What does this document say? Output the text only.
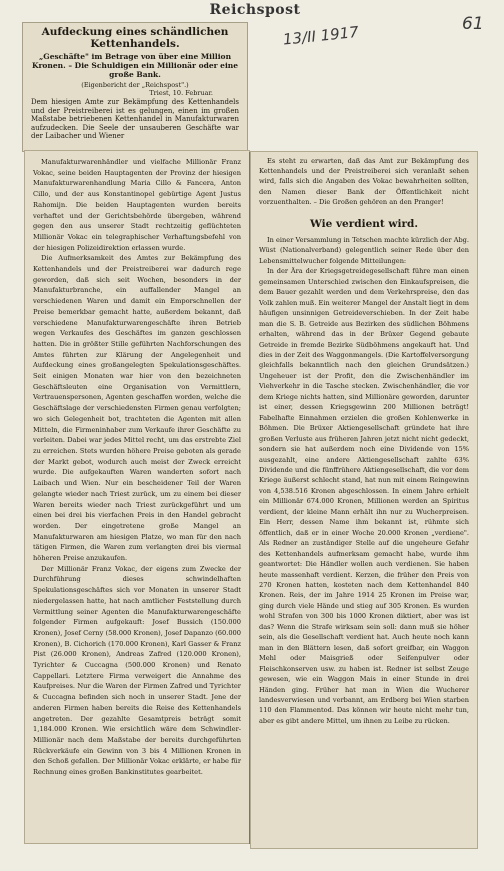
Reichspost
13/II 1917	61
Aufdeckung eines schändlichen Kettenhandels.
„Geschäfte" im Betrage von über eine Million Kronen. – Die Schuldigen ein Millionär oder eine große Bank.
(Eigenbericht der „Reichspost".)
Triest, 10. Februar.
Dem hiesigen Amte zur Bekämpfung des Kettenhandels und der Preistreiberei ist es gelungen, einen im großen Maßstabe betriebenen Kettenhandel in Manufakturwaren aufzudecken. Die Seele der unsauberen Geschäfte war der Laibacher und Wiener

Manufakturwarenhändler und vielfache Millionär Franz Vokac, seine beiden Hauptagenten der Provinz der hiesigen Manufakturwarenhandlung Maria Cillo & Fancera, Anton Cillo, und der aus Konstantinopel gebürtige Agent Justus Rahomijn. Die beiden Hauptagenten wurden bereits verhaftet und der Gerichtsbehörde übergeben, während gegen den aus unserer Stadt rechtzeitig geflüchteten Millionär Vokac ein telegraphischer Verhaftungsbefehl von der hiesigen Polizeidirektion erlassen wurde.

Die Aufmerksamkeit des Amtes zur Bekämpfung des Kettenhandels und der Preistreiberei war dadurch rege geworden, daß sich seit Wochen, besonders in der Manufakturbranche, ein auffallender Mangel an verschiedenen Waren und damit ein Emporschnellen der Preise bemerkbar gemacht hatte, außerdem bekannt, daß verschiedene Manufakturwarengeschäfte ihren Betrieb wegen Verkaufes des Geschäftes im ganzen geschlossen hatten. Die in größter Stille geführten Nachforschungen des Amtes führten zur Klärung der Angelegenheit und Aufdeckung eines großangelegten Spekulationsgeschäftes. Seit einigen Monaten war hier von den bezeichneten Geschäftsleuten eine Organisation von Vermittlern, Vertrauenspersonen, Agenten geschaffen worden, welche die Geschäftslage der verschiedensten Firmen genau verfolgten; wo sich Gelegenheit bot, trachteten die Agenten mit allen Mitteln, die Firmeninhaber zum Verkaufe ihrer Geschäfte zu verleiten. Dabei war jedes Mittel recht, um das erstrebte Ziel zu erreichen. Stets wurden höhere Preise geboten als gerade der Markt gebot, wodurch auch meist der Zweck erreicht wurde. Die aufgekauften Waren wanderten sofort nach Laibach und Wien. Nur ein bescheidener Teil der Waren gelangte wieder nach Triest zurück, um zu einem bei dieser Waren bereits wieder nach Triest zurückgeführt und um einen bei drei bis vierfachen Preis in den Handel gebracht worden. Der eingetretene große Mangel an Manufakturwaren am hiesigen Platze, wo man für den nach tätigen Firmen, die Waren zum verlangten drei bis viermal höheren Preise anzukaufen.

Der Millionär Franz Vokac, der eigens zum Zwecke der Durchführung dieses schwindelhaften Spekulationsgeschäftes sich vor Monaten in unserer Stadt niedergelassen hatte, hat nach amtlicher Feststellung durch Vermittlung seiner Agenten die Manufakturwarengeschäfte folgender Firmen aufgekauft: Josef Bussich (150.000 Kronen), Josef Cerny (58.000 Kronen), Josef Dapanzo (60.000 Kronen), B. Cichorich (170.000 Kronen), Karl Gasser & Franz Pist (26.000 Kronen), Andreas Zafred (120.000 Kronen), Tyrichter & Cuccagna (500.000 Kronen) und Renato Cappellari. Letztere Firma verweigert die Annahme des Kaufpreises. Nur die Waren der Firmen Zafred und Tyrichter & Cuccagna befinden sich noch in unserer Stadt. Jene der anderen Firmen haben bereits die Reise des Kettenhandels angetreten. Der gezahlte Gesamtpreis beträgt somit 1,184.000 Kronen. Wie ersichtlich wäre dem Schwindler-Millionär nach dem Maßstabe der bereits durchgeführten Rückverkäufe ein Gewinn von 3 bis 4 Millionen Kronen in den Schoß gefallen. Der Millionär Vokac erklärte, er habe für Rechnung eines großen Bankinstitutes gearbeitet.

Es steht zu erwarten, daß das Amt zur Bekämpfung des Kettenhandels und der Preistreiberei sich veranlaßt sehen wird, falls sich die Angaben des Vokac bewahrheiten sollten, den Namen dieser Bank der Öffentlichkeit nicht vorzuenthalten. – Die Großen gehören an den Pranger!

Wie verdient wird.

In einer Versammlung in Tetschen machte kürzlich der Abg. Wüst (Nationalverband) gelegentlich seiner Rede über den Lebensmittelwucher folgende Mitteilungen:

In der Ära der Kriegsgetreidegesellschaft führe man einen gemeinsamen Unterschied zwischen den Einkaufspreisen, die dem Bauer gezahlt werden und dem Verkehrspreise, den das Volk zahlen muß. Ein weiterer Mangel der Anstalt liegt in dem häufigen unsinnigen Getreideverschieben. In der Zeit habe man die S. B. Getreide aus Bezirken des südlichen Böhmens erhalten, während das in der Brüxer Gegend gebaute Getreide in fremde Bezirke Südböhmens angekauft hat. Und dies in der Zeit des Waggonmangels. (Die Kartoffelversorgung gleichfalls bekanntlich nach den gleichen Grundsätzen.) Ungeheuer ist der Profit, den die Zwischenhändler im Viehverkehr in die Tasche stecken. Zwischenhändler, die vor dem Kriege nichts hatten, sind Millionäre geworden, darunter ist einer, dessen Kriegsgewinn 200 Millionen beträgt! Fabelhafte Einnahmen erzielen die großen Kohlenwerke in Böhmen. Die Brüxer Aktiengesellschaft gründete hat ihre großen Verluste aus früheren Jahren jetzt nicht nicht gedeckt, sondern sie hat außerdem noch eine Dividende von 15% ausgezahlt, eine andere Aktiengesellschaft zahlte 63% Dividende und die fünffrühere Aktiengesellschaft, die vor dem Kriege äußerst schlecht stand, hat nun mit einem Reingewinn von 4,538.516 Kronen abgeschlossen. In einem Jahre erhielt ein Millionär 674.000 Kronen, Millionen werden an Spiritus verdient, der kleine Mann erhält ihn nur zu Wucherpreisen. Ein Herr, dessen Name ihm bekannt ist, rühmte sich öffentlich, daß er in einer Woche 20.000 Kronen „verdiene". Als Redner an zuständiger Stelle auf die ungeheure Gefahr des Kettenhandels aufmerksam gemacht habe, wurde ihm geantwortet: Die Händler wollen auch verdienen. Sie haben heute massenhaft verdient. Kerzen, die früher den Preis von 270 Kronen hatten, kosteten nach dem Kettenhandel 840 Kronen. Reis, der im Jahre 1914 25 Kronen im Preise war, ging durch viele Hände und stieg auf 305 Kronen. Es wurden wohl Strafen von 300 bis 1000 Kronen diktiert, aber was ist das? Wenn die Strafe wirksam sein soll: dann muß sie höher sein, als die Gesellschaft verdient hat. Auch heute noch kann man in den Blättern lesen, daß sofort greifbar, ein Waggon Mehl oder Maisgrieß oder Seifenpulver oder Fleischkonserven usw. zu haben ist. Redner ist selbst Zeuge gewesen, wie ein Waggon Mais in einer Stunde in drei Händen ging. Früher hat man in Wien die Wucherer landesverwiesen und verbannt, am Erdberg bei Wien starben 110 den Flammentod. Das können wir heute nicht mehr tun, aber es gibt andere Mittel, um ihnen zu Leibe zu rücken.
